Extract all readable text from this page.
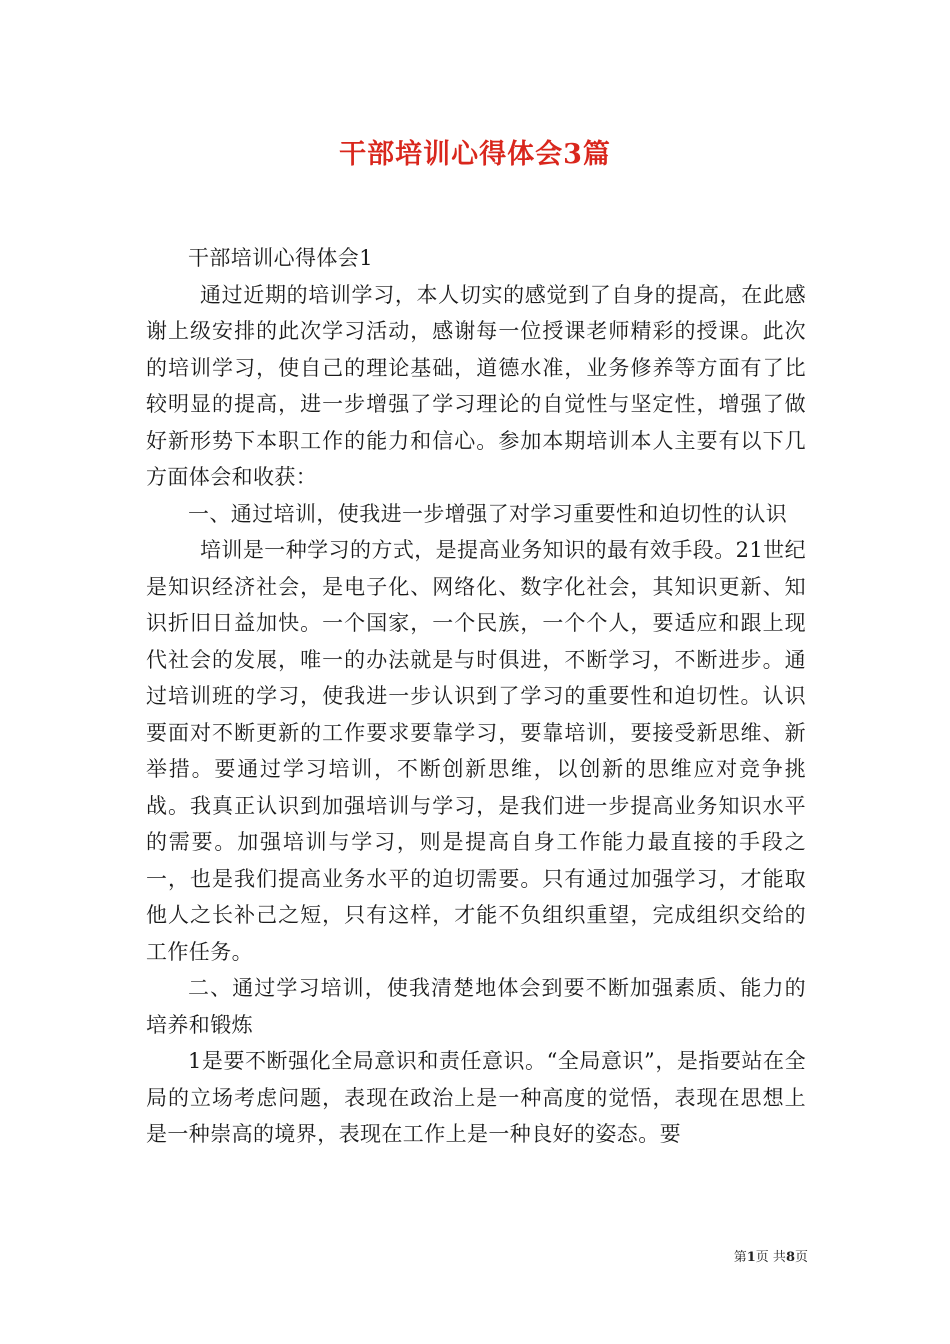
干部培训心得体会3篇

干部培训心得体会1

通过近期的培训学习，本人切实的感觉到了自身的提高，在此感谢上级安排的此次学习活动，感谢每一位授课老师精彩的授课。此次的培训学习，使自己的理论基础，道德水准，业务修养等方面有了比较明显的提高，进一步增强了学习理论的自觉性与坚定性，增强了做好新形势下本职工作的能力和信心。参加本期培训本人主要有以下几方面体会和收获：

一、通过培训，使我进一步增强了对学习重要性和迫切性的认识

培训是一种学习的方式，是提高业务知识的最有效手段。21世纪是知识经济社会，是电子化、网络化、数字化社会，其知识更新、知识折旧日益加快。一个国家，一个民族，一个个人，要适应和跟上现代社会的发展，唯一的办法就是与时俱进，不断学习，不断进步。通过培训班的学习，使我进一步认识到了学习的重要性和迫切性。认识要面对不断更新的工作要求要靠学习，要靠培训，要接受新思维、新举措。要通过学习培训，不断创新思维，以创新的思维应对竞争挑战。我真正认识到加强培训与学习，是我们进一步提高业务知识水平的需要。加强培训与学习，则是提高自身工作能力最直接的手段之一，也是我们提高业务水平的迫切需要。只有通过加强学习，才能取他人之长补己之短，只有这样，才能不负组织重望，完成组织交给的工作任务。

二、通过学习培训，使我清楚地体会到要不断加强素质、能力的培养和锻炼

1是要不断强化全局意识和责任意识。“全局意识”，是指要站在全局的立场考虑问题，表现在政治上是一种高度的觉悟，表现在思想上是一种崇高的境界，表现在工作上是一种良好的姿态。要

第1页 共8页
